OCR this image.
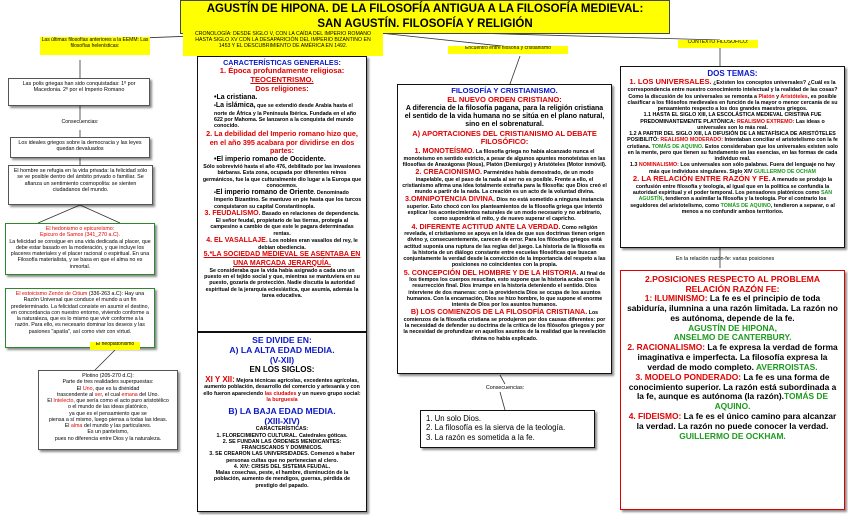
AGUSTÍN DE HIPONA. DE LA FILOSOFÍA ANTIGUA A LA FILOSOFÍA MEDIEVAL:
SAN AGUSTÍN. FILOSOFÍA Y RELIGIÓN
Las últimas filosofías anteriores a la EEMM: Las filosofías helenísticas:
CRONOLOGÍA: DESDE SIGLO V, CON LA CAÍDA DEL IMPERIO ROMANO
HASTA SIGLO XV CON LA DESAPARICIÓN DEL IMPERIO BIZANTINO EN
1453 Y EL DESCUBRIMIENTO DE AMÉRICA EN 1492.	Encuentro entre filosofía y cristianismo
CONTEXTO FILOSÓFICO:
Las polis griegas han sido conquistadas: 1º por Macedonia. 2º por el Imperio Romano
Consecuencias:
Los ideales griegos sobre la democracia y las leyes quedan devaluados
El hombre se refugia en la vida privada: la felicidad sólo se ve posible dentro del ámbito privado o familiar. Se afianza un sentimiento cosmopolita: se sienten ciudadanos del mundo.
El hedonismo o epicureísmo:
Epicuro de Samos (341_270 a.C).
La felicidad se consigue en una vida dedicada al placer, que debe estar basado en la moderación, y que incluye los placeres materiales y el placer racional o espiritual. En una Filosofía materialista, y se basa en que el alma no es inmortal.
El estoicismo Zenón de Citium (336-263 a.C): Hay una Razón Universal que conduce el mundo a un fin predeterminado. La felicidad consiste en asumir el destino, en concordancia con nuestro entorno, viviendo conforme a la naturaleza, que es lo mismo que vivir conforme a la razón. Para ello, es necesario dominar los deseos y las pasiones "apatía", así como vivir con virtud.
El neoplatonismo
Plotino (205-270 d.C):
Parte de tres realidades superpuestas:
El Uno, que es la divinidad
trascendente al ser, el cual emana del Uno.
El Intelecto, que sería como el acto puro aristotélico
o el mundo de las ideas platónico,
ya que es el pensamiento que se
piensa a sí mismo, luego piensa a todas las ideas.
El alma del mundo y las particulares.
Es un panteísmo,
pues no diferencia entre Dios y la naturaleza.
CARACTERÍSTICAS GENERALES:
1. Época profundamente religiosa:
TEOCENTRISMO.
Dos religiones:
• La cristiana.
• La islámica, que se extendió desde Arabia hasta el norte de África y la Península Ibérica. Fundada en el año 622 por Mahoma. Se lanzaron a la conquista del mundo conocido.
2. La debilidad del Imperio romano hizo que, en el año 395 acabara por dividirse en dos partes:
• El imperio romano de Occidente.
Sólo sobrevivió hasta el año 476, debilitado por las invasiones bárbaras. Esta zona, ocupada por diferentes reinos germánicos, fue la que culturalmente dio lugar a la Europa que conocemos.
• El imperio romano de Oriente. Denominado Imperio Bizantino. Se mantuvo en pie hasta que los turcos conquistaron su capital Constantinopla.
3. FEUDALISMO. Basado en relaciones de dependencia. El señor feudal, propietario de las tierras, protegía al campesino a cambio de que este le pagara determinadas rentas.
4. EL VASALLAJE. Los nobles eran vasallos del rey, le debían obediencia.
5.*LA SOCIEDAD MEDIEVAL SE ASENTABA EN UNA MARCADA JERARQUÍA.
Se consideraba que la vida había asignado a cada uno un puesto en el tejido social y que, mientras se mantuviera en su puesto, gozaría de protección. Nadie discutía la autoridad espiritual de la jerarquía eclesiástica, que asumía, además la tarea educativa.
SE DIVIDE EN:
A) LA ALTA EDAD MEDIA.
(V-XII)
EN LOS SIGLOS:
XI Y XII: Mejora técnicas agrícolas, excedentes agrícolas, aumento población, desarrollo del comercio y artesanía y con ello fueron apareciendo las ciudades y un nuevo grupo social: la burguesía
B) LA BAJA EDAD MEDIA.
(XIII-XIV)
CARACTERÍSTICAS:
1. FLORECIMIENTO CULTURAL. Catedrales góticas.
2. SE FUNDAN LAS ÓRDENES MENDICANTES: FRANCISCANOS Y DOMINICOS.
3. SE CREARON LAS UNIVERSIDADES. Comenzó a haber personas cultas que no pertenecían al clero.
4. XIV: CRISIS DEL SISTEMA FEUDAL.
Malas cosechas, peste, el hambre, disminución de la población, aumento de mendigos, guerras, pérdida de prestigio del papado.
FILOSOFÍA Y CRISTIANISMO.
EL NUEVO ORDEN CRISTIANO:
A diferencia de la filosofía pagana, para la religión cristiana el sentido de la vida humana no se sitúa en el plano natural, sino en el sobrenatural.
A) APORTACIONES DEL CRISTIANISMO AL DEBATE FILOSÓFICO:
1. MONOTEÍSMO. La filosofía griega no había alcanzado nunca el monoteísmo en sentido estricto, a pesar de algunos apuntes monoteístas en las filosofías de Anaxágoras (Nous), Platón (Demiurgo) y Aristóteles (Motor inmóvil).
2. CREACIONISMO. Parménides había demostrado, de un modo inapelable, que el paso de la nada al ser no es posible. Frente a ello, el cristianismo afirma una idea totalmente extraña para la filosofía: que Dios creó el mundo a partir de la nada. La creación es un acto de la voluntad divina.
3.OMNIPOTENCIA DIVINA. Dios no está sometido a ninguna instancia superior. Esto chocó con los planteamientos de la filosofía griega que intentó explicar los acontecimientos naturales de un modo necesario y no arbitrario, como supondría el mito, y de nuevo superar el capricho.
4. DIFERENTE ACTITUD ANTE LA VERDAD. Como religión revelada, el cristianismo se apoya en la idea de que sus doctrinas tienen origen divino y, consecuentemente, carecen de error. Para los filósofos griegos está actitud suponía una ruptura de las reglas del juego. La historia de la filosofía es la historia de un diálogo constante entre escuelas filosóficas que buscan conjuntamente la verdad desde la convicción de la importancia del respeto a las posiciones no coincidentes con la propia.
5. CONCEPCIÓN DEL HOMBRE Y DE LA HISTORIA. Al final de los tiempos los cuerpos resucitan, esto supone que la historia acaba con la resurrección final. Dios irrumpe en la historia deteniendo el sentido. Dios interviene de dos maneras: con la providencia Dios se ocupa de los asuntos humanos. Con la encarnación, Dios se hizo hombre, lo que supone el enorme interés de Dios por los asuntos humanos.
B) LOS COMIENZOS DE LA FILOSOFÍA CRISTIANA. Los comienzos de la filosofía cristiana se produjeron por dos causas diferentes: por la necesidad de defender su doctrina de la crítica de los filósofos griegos y por la necesidad de profundizar en aquellos asuntos de la realidad que la revelación divina no había explicado.
Consecuencias:
1. Un solo Dios.
2. La filosofía es la sierva de la teología.
3. La razón es sometida a la fe.
DOS TEMAS:
1. LOS UNIVERSALES. ¿Existen los conceptos universales? ¿Cuál es la correspondencia entre nuestro conocimiento intelectual y la realidad de las cosas? Como la discusión de los universales se remonta a Platón y Aristóteles, es posible clasificar a los filósofos medievales en función de la mayor o menor cercanía de su pensamiento respecto a los dos grandes maestros griegos.
1.1 HASTA EL SIGLO XIII, LA ESCOLÁSTICA MEDIEVAL CRISTINA FUE PREDOMINANTEMENTE PLATÓNICA: REALISMO EXTREMO: Las ideas o universales son lo más real.
1.2 A PARTIR DEL SIGLO XIII, LA DIFUSIÓN DE LA METAFÍSICA DE ARISTÓTELES POSIBILITÓ: REALISMO MODERADO: Intentaban conciliar el aristotelismo con la fe cristiana. TOMÁS DE AQUINO. Estos consideraban que los universales existen solo en la mente, pero que tienen su fundamento en las esencias, en las formas de cada individuo real.
1.3 NOMINALISMO: Los universales son sólo palabras. Fuera del lenguaje no hay más que individuos singulares. Siglo XIV GUILLERMO DE OCHAM
2. LA RELACIÓN ENTRE RAZÓN Y FE. A menudo se produjo la confusión entre filosofía y teología, al igual que en la política se confundía la autoridad espiritual y el poder temporal. Los pensadores platónicos como SAN AGUSTÍN, tendieron a asimilar la filosofía y la teología. Por el contrario los seguidores del aristotelismo, como TOMÁS DE AQUINO, tendieron a separar, o al menos a no confundir ambos territorios.
En la relación razón-fe: varias posiciones
2.POSICIONES RESPECTO AL PROBLEMA RELACIÓN RAZÓN FE:
1: ILUMINISMO: La fe es el principio de toda sabiduría, ilumnina a una razón limitada. La razón no es autónoma, depende de la fe.
AGUSTÍN DE HIPONA,
ANSELMO DE CANTERBURY.
2. RACIONALISMO: La fe expresa la verdad de forma imaginativa e imperfecta. La filosofía expresa la verdad de modo completo. AVERROISTAS.
3. MODELO PONDERADO: La fe es una forma de conocimiento superior. La razón está subordinada a la fe, aunque es autónoma (la razón).TOMÁS DE AQUINO.
4. FIDEISMO: La fe es el único camino para alcanzar la verdad. La razón no puede conocer la verdad. GUILLERMO DE OCKHAM.
